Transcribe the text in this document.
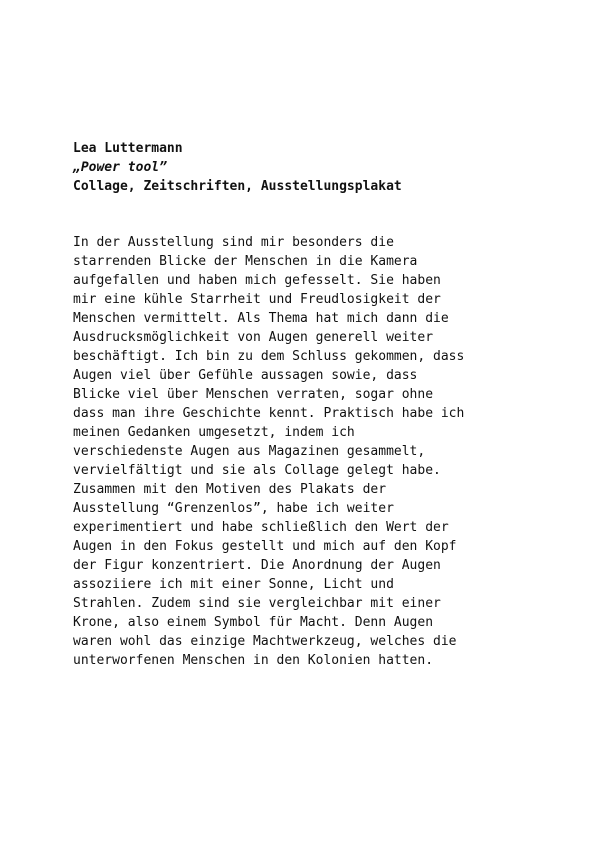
Lea Luttermann
„Power tool”
Collage, Zeitschriften, Ausstellungsplakat
In der Ausstellung sind mir besonders die
starrenden Blicke der Menschen in die Kamera
aufgefallen und haben mich gefesselt. Sie haben
mir eine kühle Starrheit und Freudlosigkeit der
Menschen vermittelt. Als Thema hat mich dann die
Ausdrucksmöglichkeit von Augen generell weiter
beschäftigt. Ich bin zu dem Schluss gekommen, dass
Augen viel über Gefühle aussagen sowie, dass
Blicke viel über Menschen verraten, sogar ohne
dass man ihre Geschichte kennt. Praktisch habe ich
meinen Gedanken umgesetzt, indem ich
verschiedenste Augen aus Magazinen gesammelt,
vervielfältigt und sie als Collage gelegt habe.
Zusammen mit den Motiven des Plakats der
Ausstellung “Grenzenlos”, habe ich weiter
experimentiert und habe schließlich den Wert der
Augen in den Fokus gestellt und mich auf den Kopf
der Figur konzentriert. Die Anordnung der Augen
assoziiere ich mit einer Sonne, Licht und
Strahlen. Zudem sind sie vergleichbar mit einer
Krone, also einem Symbol für Macht. Denn Augen
waren wohl das einzige Machtwerkzeug, welches die
unterworfenen Menschen in den Kolonien hatten.
